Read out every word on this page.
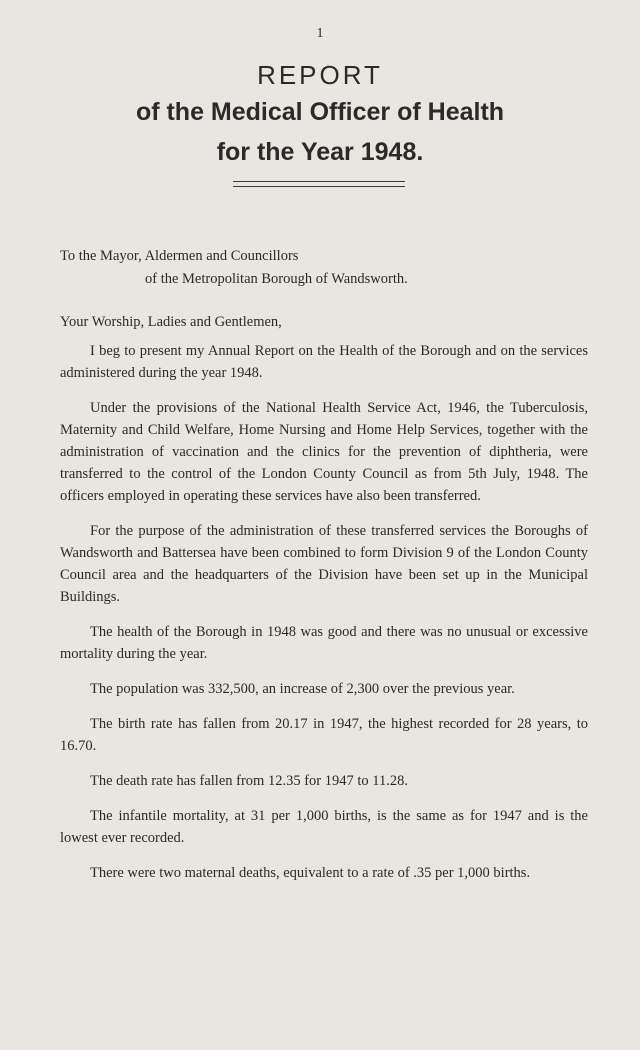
1
REPORT
of the Medical Officer of Health
for the Year 1948.

To the Mayor, Aldermen and Councillors

of the Metropolitan Borough of Wandsworth.

Your Worship, Ladies and Gentlemen,

I beg to present my Annual Report on the Health of the Borough and on the services administered during the year 1948.

Under the provisions of the National Health Service Act, 1946, the Tuberculosis, Maternity and Child Welfare, Home Nursing and Home Help Services, together with the administration of vaccination and the clinics for the prevention of diphtheria, were transferred to the control of the London County Council as from 5th July, 1948. The officers employed in operating these services have also been transferred.

For the purpose of the administration of these transferred services the Boroughs of Wandsworth and Battersea have been combined to form Division 9 of the London County Council area and the headquarters of the Division have been set up in the Municipal Buildings.

The health of the Borough in 1948 was good and there was no unusual or excessive mortality during the year.

The population was 332,500, an increase of 2,300 over the previous year.

The birth rate has fallen from 20.17 in 1947, the highest recorded for 28 years, to 16.70.

The death rate has fallen from 12.35 for 1947 to 11.28.

The infantile mortality, at 31 per 1,000 births, is the same as for 1947 and is the lowest ever recorded.

There were two maternal deaths, equivalent to a rate of .35 per 1,000 births.
